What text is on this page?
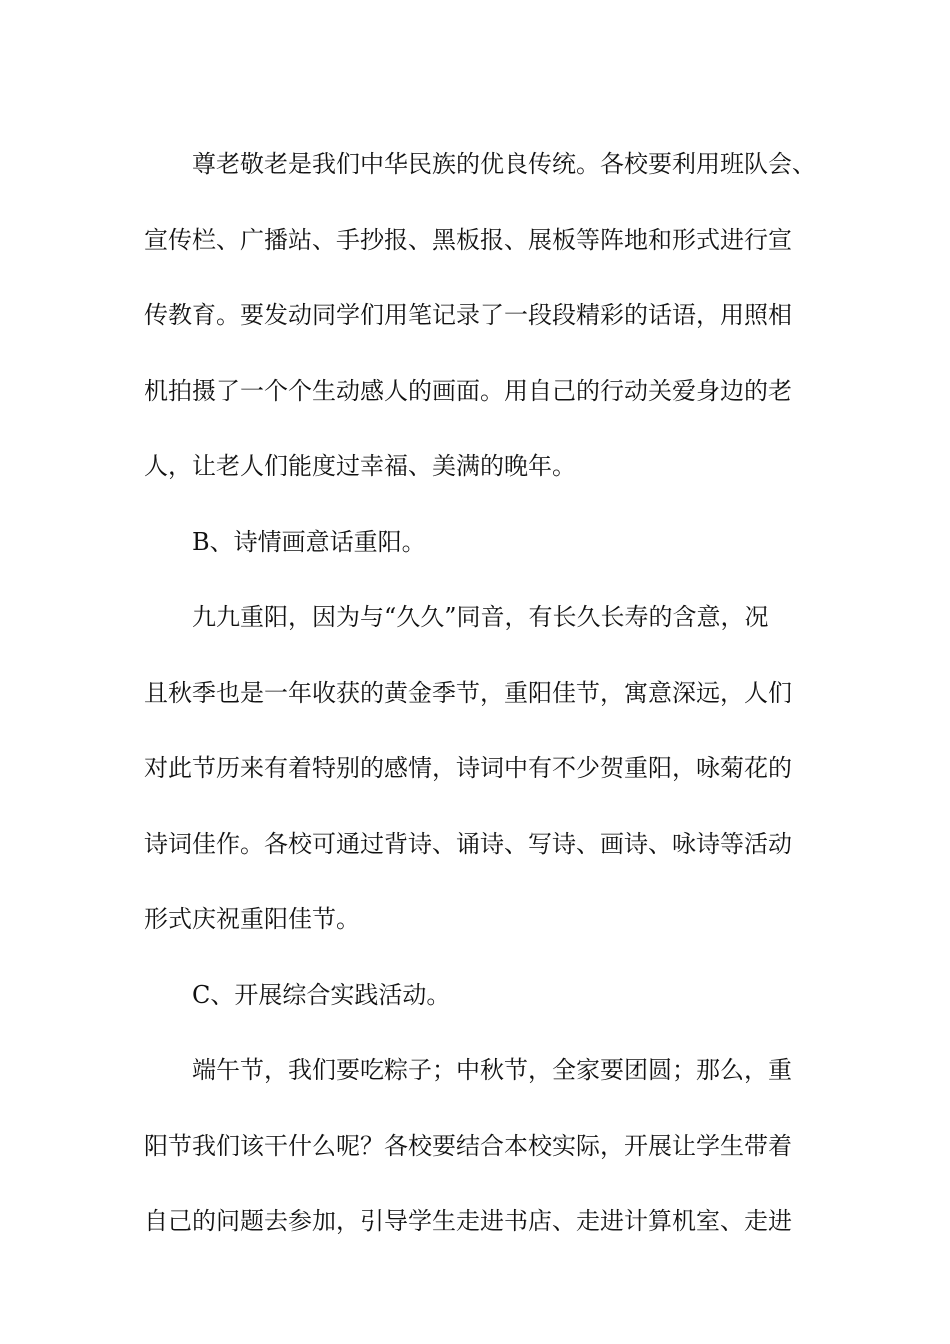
尊老敬老是我们中华民族的优良传统。各校要利用班队会、
宣传栏、广播站、手抄报、黑板报、展板等阵地和形式进行宣
传教育。要发动同学们用笔记录了一段段精彩的话语，用照相
机拍摄了一个个生动感人的画面。用自己的行动关爱身边的老
人，让老人们能度过幸福、美满的晚年。
B、诗情画意话重阳。
九九重阳，因为与“久久”同音，有长久长寿的含意，况
且秋季也是一年收获的黄金季节，重阳佳节，寓意深远，人们
对此节历来有着特别的感情，诗词中有不少贺重阳，咏菊花的
诗词佳作。各校可通过背诗、诵诗、写诗、画诗、咏诗等活动
形式庆祝重阳佳节。
C、开展综合实践活动。
端午节，我们要吃粽子；中秋节，全家要团圆；那么，重
阳节我们该干什么呢？各校要结合本校实际，开展让学生带着
自己的问题去参加，引导学生走进书店、走进计算机室、走进
